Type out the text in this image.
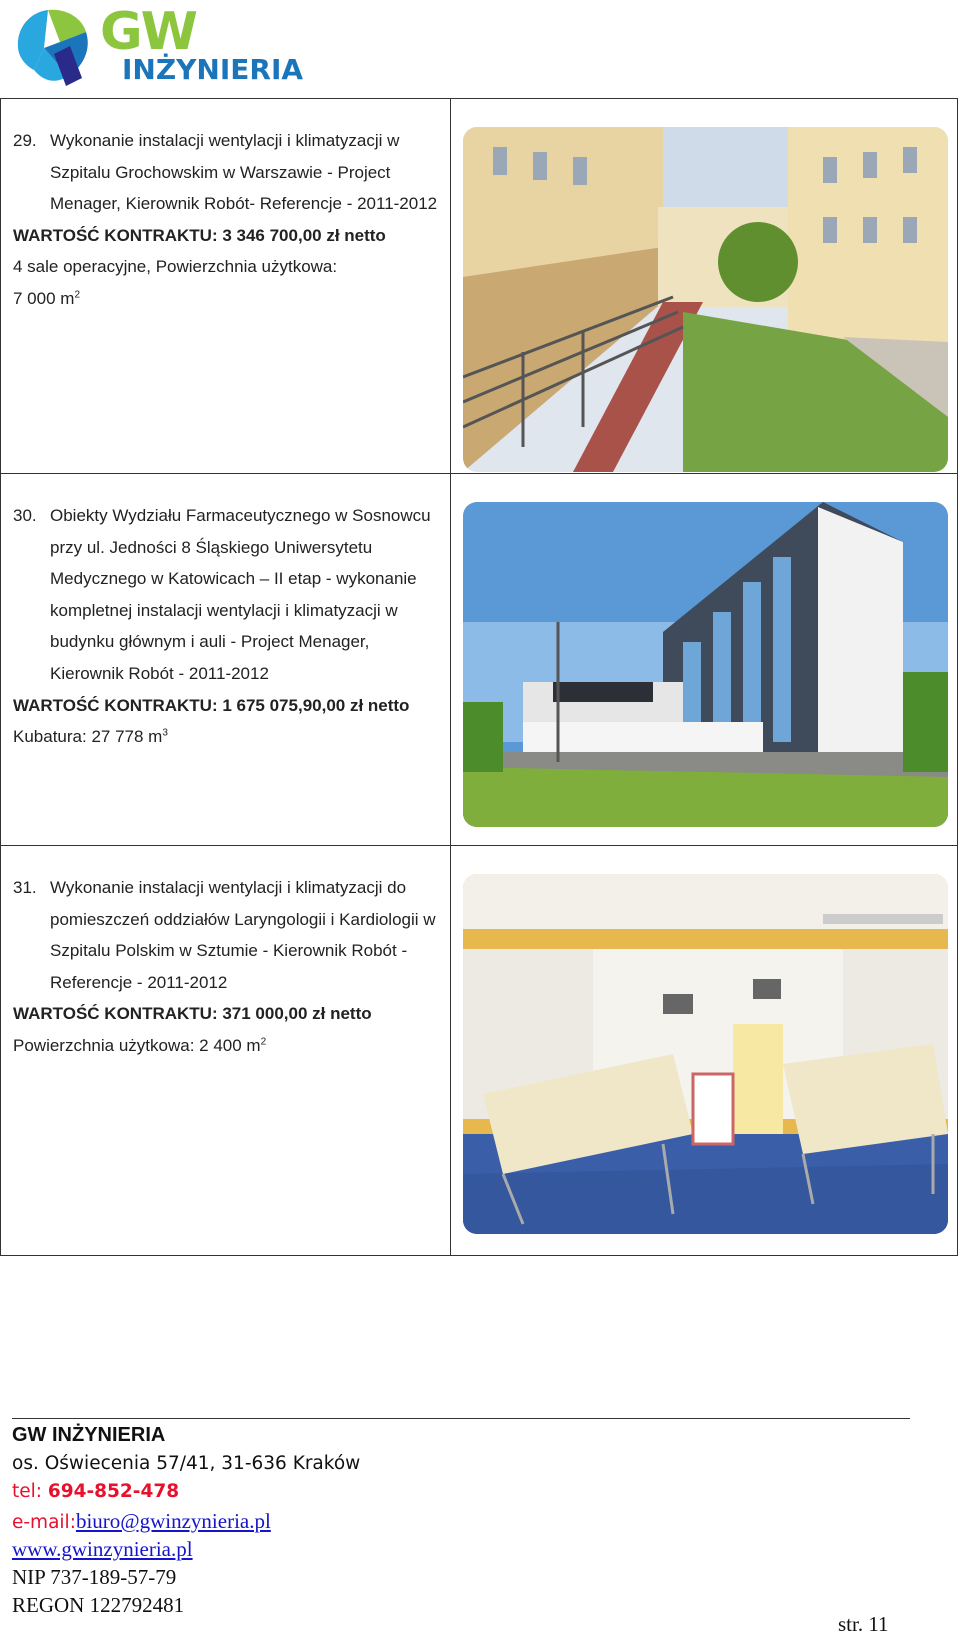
GW
INŻYNIERIA
29. Wykonanie instalacji wentylacji i klimatyzacji w Szpitalu Grochowskim w Warszawie - Project Menager, Kierownik Robót- Referencje - 2011-2012
WARTOŚĆ KONTRAKTU: 3 346 700,00 zł netto
4 sale operacyjne, Powierzchnia użytkowa:
7 000 $m^2$

30. Obiekty Wydziału Farmaceutycznego w Sosnowcu przy ul. Jedności 8 Śląskiego Uniwersytetu Medycznego w Katowicach – II etap - wykonanie kompletnej instalacji wentylacji i klimatyzacji w budynku głównym i auli - Project Menager, Kierownik Robót - 2011-2012
WARTOŚĆ KONTRAKTU: 1 675 075,90,00 zł netto
Kubatura: 27 778 $m^3$

31. Wykonanie instalacji wentylacji i klimatyzacji do pomieszczeń oddziałów Laryngologii i Kardiologii w Szpitalu Polskim w Sztumie - Kierownik Robót - Referencje - 2011-2012
WARTOŚĆ KONTRAKTU: 371 000,00 zł netto
Powierzchnia użytkowa: 2 400 $m^2$

GW INŻYNIERIA
os. Oświecenia 57/41, 31-636 Kraków
tel: 694-852-478
e-mail:biuro@gwinzynieria.pl
www.gwinzynieria.pl
NIP 737-189-57-79
REGON 122792481
str. 11
